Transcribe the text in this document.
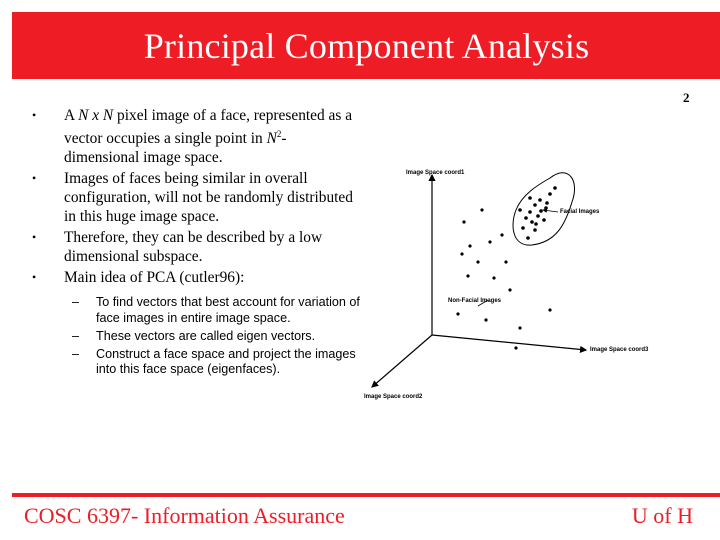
Principal Component Analysis
2
• A N x N pixel image of a face, represented as a vector occupies a single point in $N^2$-dimensional image space.
• Images of faces being similar in overall configuration, will not be randomly distributed in this huge image space.
• Therefore, they can be described by a low dimensional subspace.
• Main idea of PCA (cutler96):
– To find vectors that best account for variation of face images in entire image space.
– These vectors are called eigen vectors.
– Construct a face space and project the images into this face space (eigenfaces).
Image Space coord1
Facial Images
Non-Facial Images
Image Space coord3
Image Space coord2
COSC 6397- Information Assurance	U of H
